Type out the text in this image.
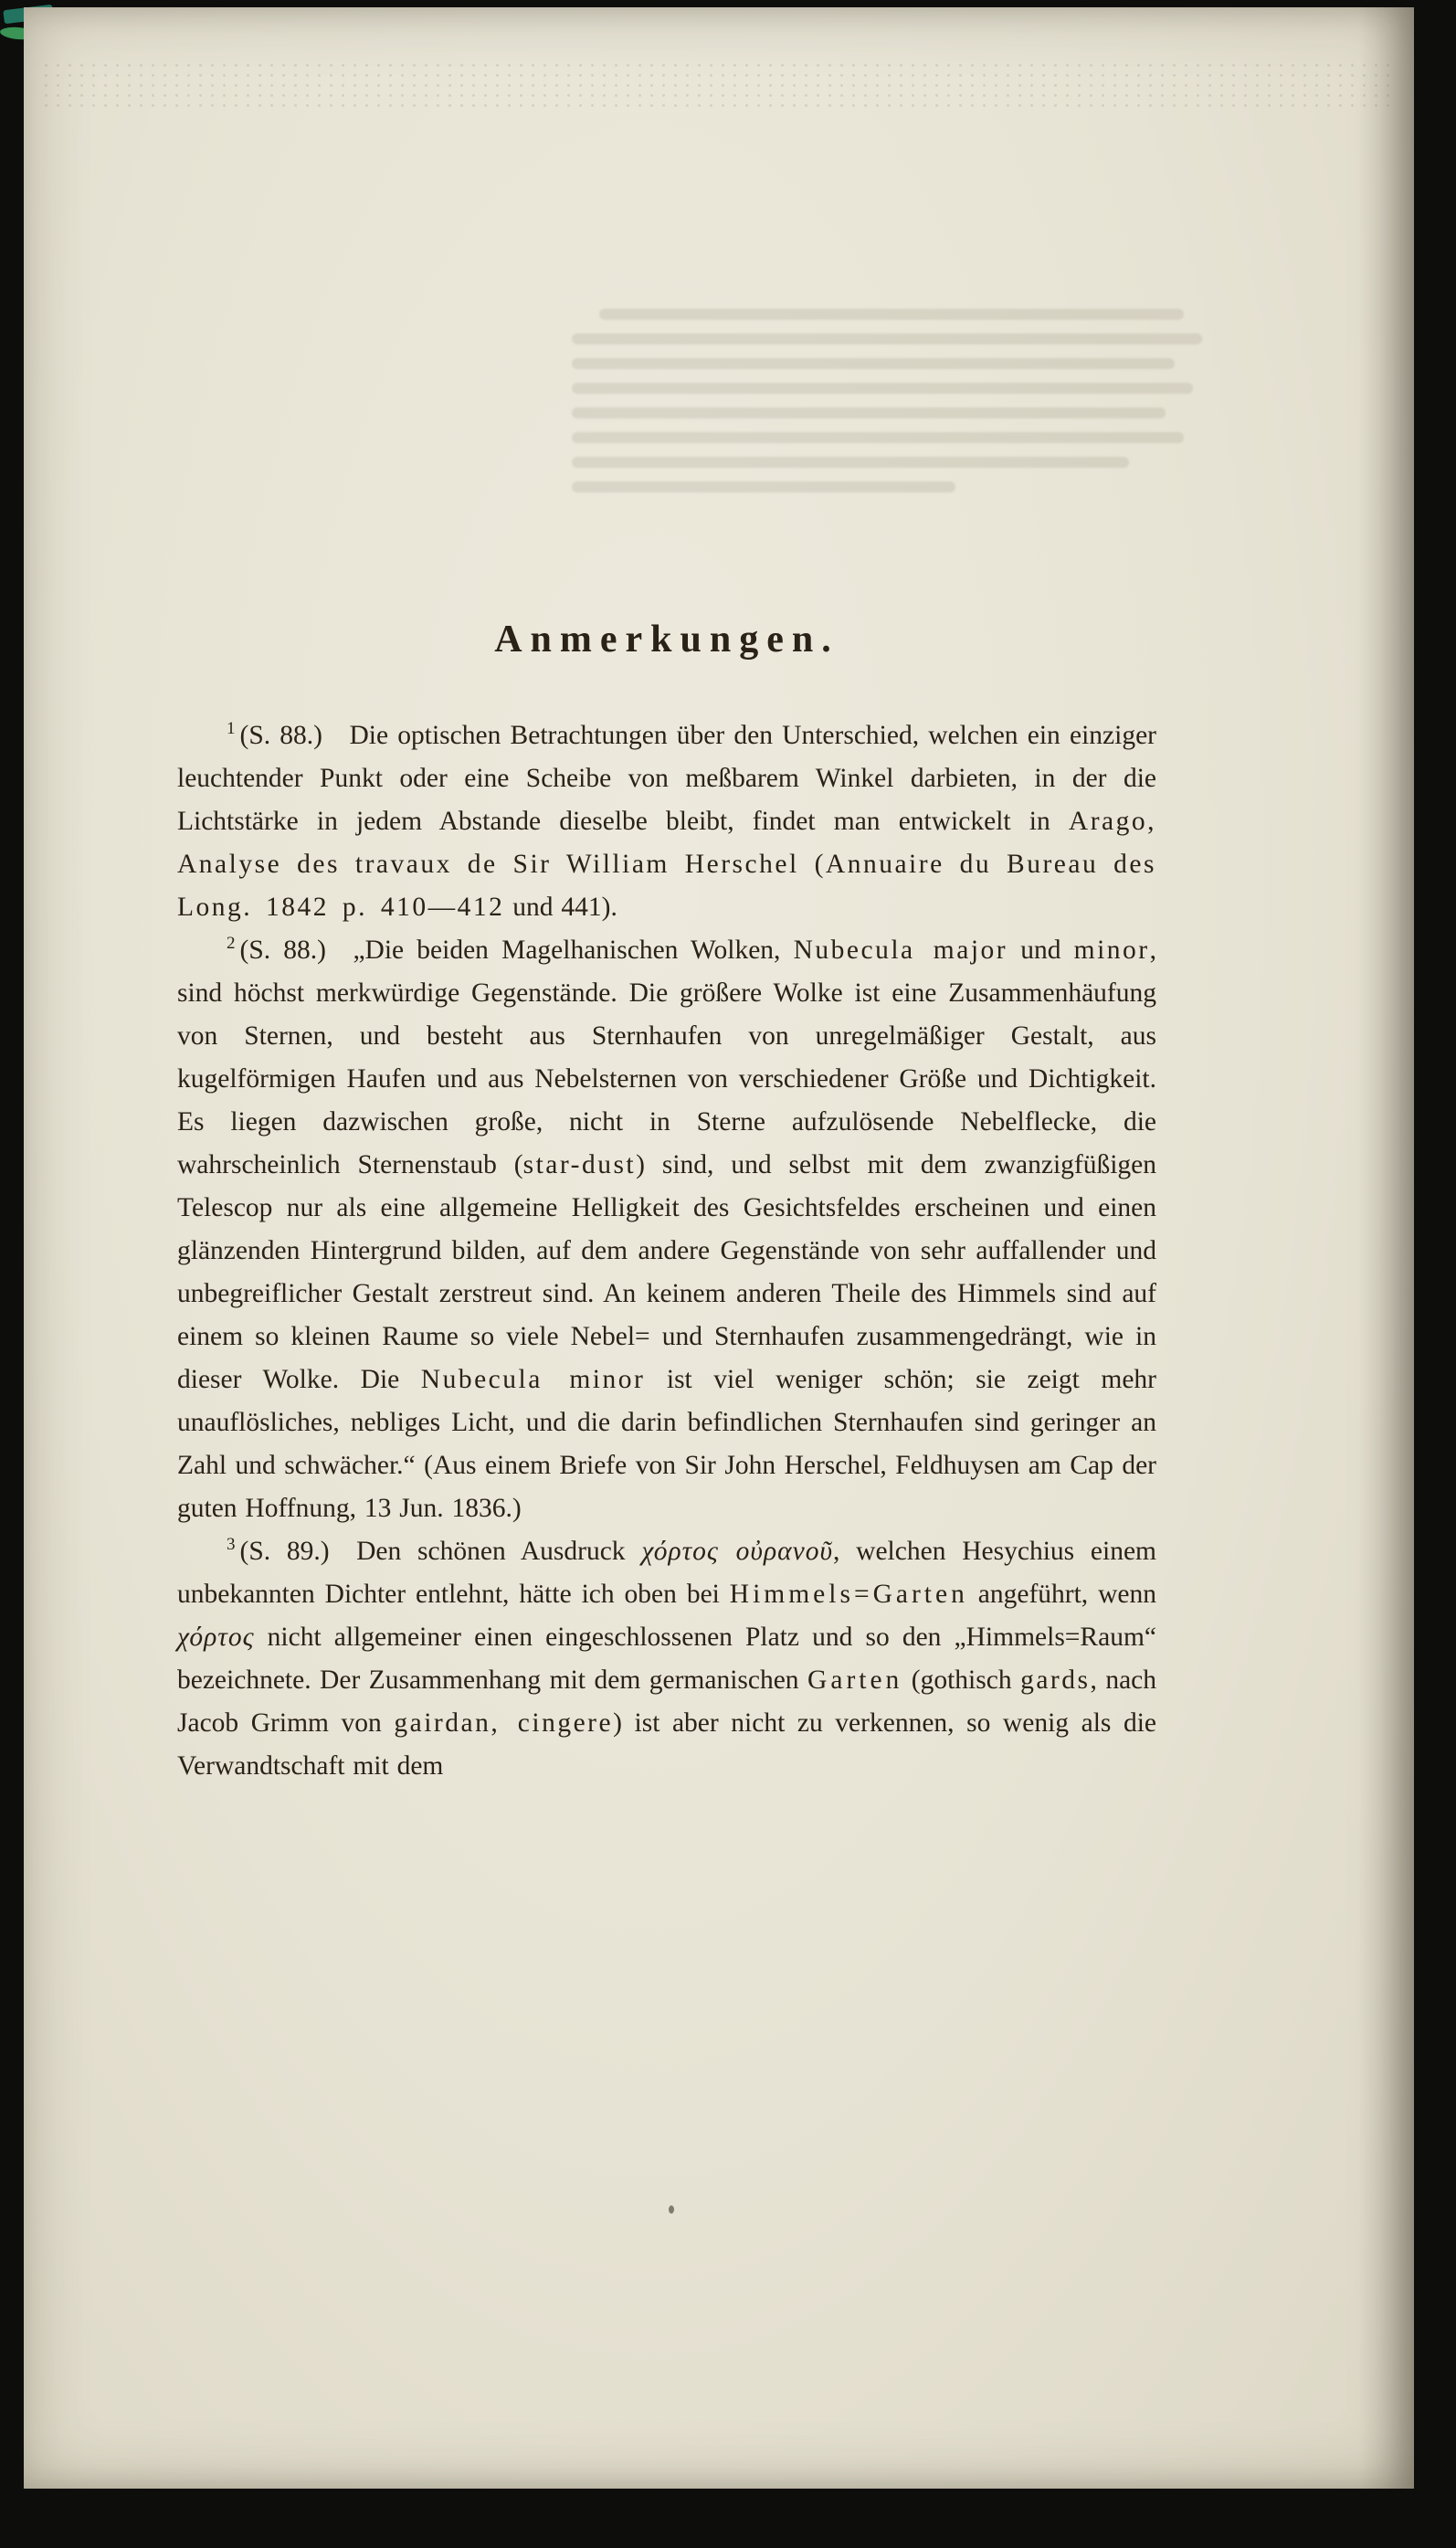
Anmerkungen.

$^1$ (S. 88.) Die optischen Betrachtungen über den Unterschied, welchen ein einziger leuchtender Punkt oder eine Scheibe von meßbarem Winkel darbieten, in der die Lichtstärke in jedem Abstande dieselbe bleibt, findet man entwickelt in Arago, Analyse des travaux de Sir William Herschel (Annuaire du Bureau des Long. 1842 p. 410—412 und 441).

$^2$ (S. 88.) „Die beiden Magelhanischen Wolken, Nubecula major und minor, sind höchst merkwürdige Gegenstände. Die größere Wolke ist eine Zusammenhäufung von Sternen, und besteht aus Sternhaufen von unregelmäßiger Gestalt, aus kugelförmigen Haufen und aus Nebelsternen von verschiedener Größe und Dichtigkeit. Es liegen dazwischen große, nicht in Sterne aufzulösende Nebelflecke, die wahrscheinlich Sternenstaub (star-dust) sind, und selbst mit dem zwanzigfüßigen Telescop nur als eine allgemeine Helligkeit des Gesichtsfeldes erscheinen und einen glänzenden Hintergrund bilden, auf dem andere Gegenstände von sehr auffallender und unbegreiflicher Gestalt zerstreut sind. An keinem anderen Theile des Himmels sind auf einem so kleinen Raume so viele Nebel= und Sternhaufen zusammengedrängt, wie in dieser Wolke. Die Nubecula minor ist viel weniger schön; sie zeigt mehr unauflösliches, nebliges Licht, und die darin befindlichen Sternhaufen sind geringer an Zahl und schwächer.“ (Aus einem Briefe von Sir John Herschel, Feldhuysen am Cap der guten Hoffnung, 13 Jun. 1836.)

$^3$ (S. 89.) Den schönen Ausdruck χόρτος οὐρανοῦ, welchen Hesychius einem unbekannten Dichter entlehnt, hätte ich oben bei Himmels=Garten angeführt, wenn χόρτος nicht allgemeiner einen eingeschlossenen Platz und so den „Himmels=Raum“ bezeichnete. Der Zusammenhang mit dem germanischen Garten (gothisch gards, nach Jacob Grimm von gairdan, cingere) ist aber nicht zu verkennen, so wenig als die Verwandtschaft mit dem
